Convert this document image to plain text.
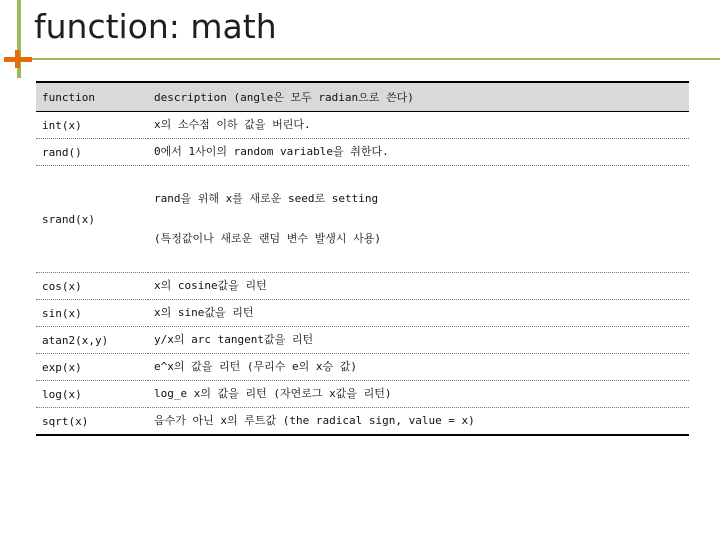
function: math
function	description (angle은 모두 radian으로 쓴다)
int(x)	x의 소수점 이하 값을 버린다.

rand()	0에서 1사이의 random variable을 취한다.

srand(x)	rand을 위해 x를 새로운 seed로 setting

(특정값이나 새로운 랜덤 변수 발생시 사용)

cos(x)	x의 cosine값을 리턴

sin(x)	x의 sine값을 리턴

atan2(x,y)	y/x의 arc tangent값을 리턴

exp(x)	e^x의 값을 리턴 (무리수 e의 x승 값)

log(x)	log_e x의 값을 리턴 (자연로그 x값을 리턴)

sqrt(x)	음수가 아닌 x의 루트값 (the radical sign, value = x)
